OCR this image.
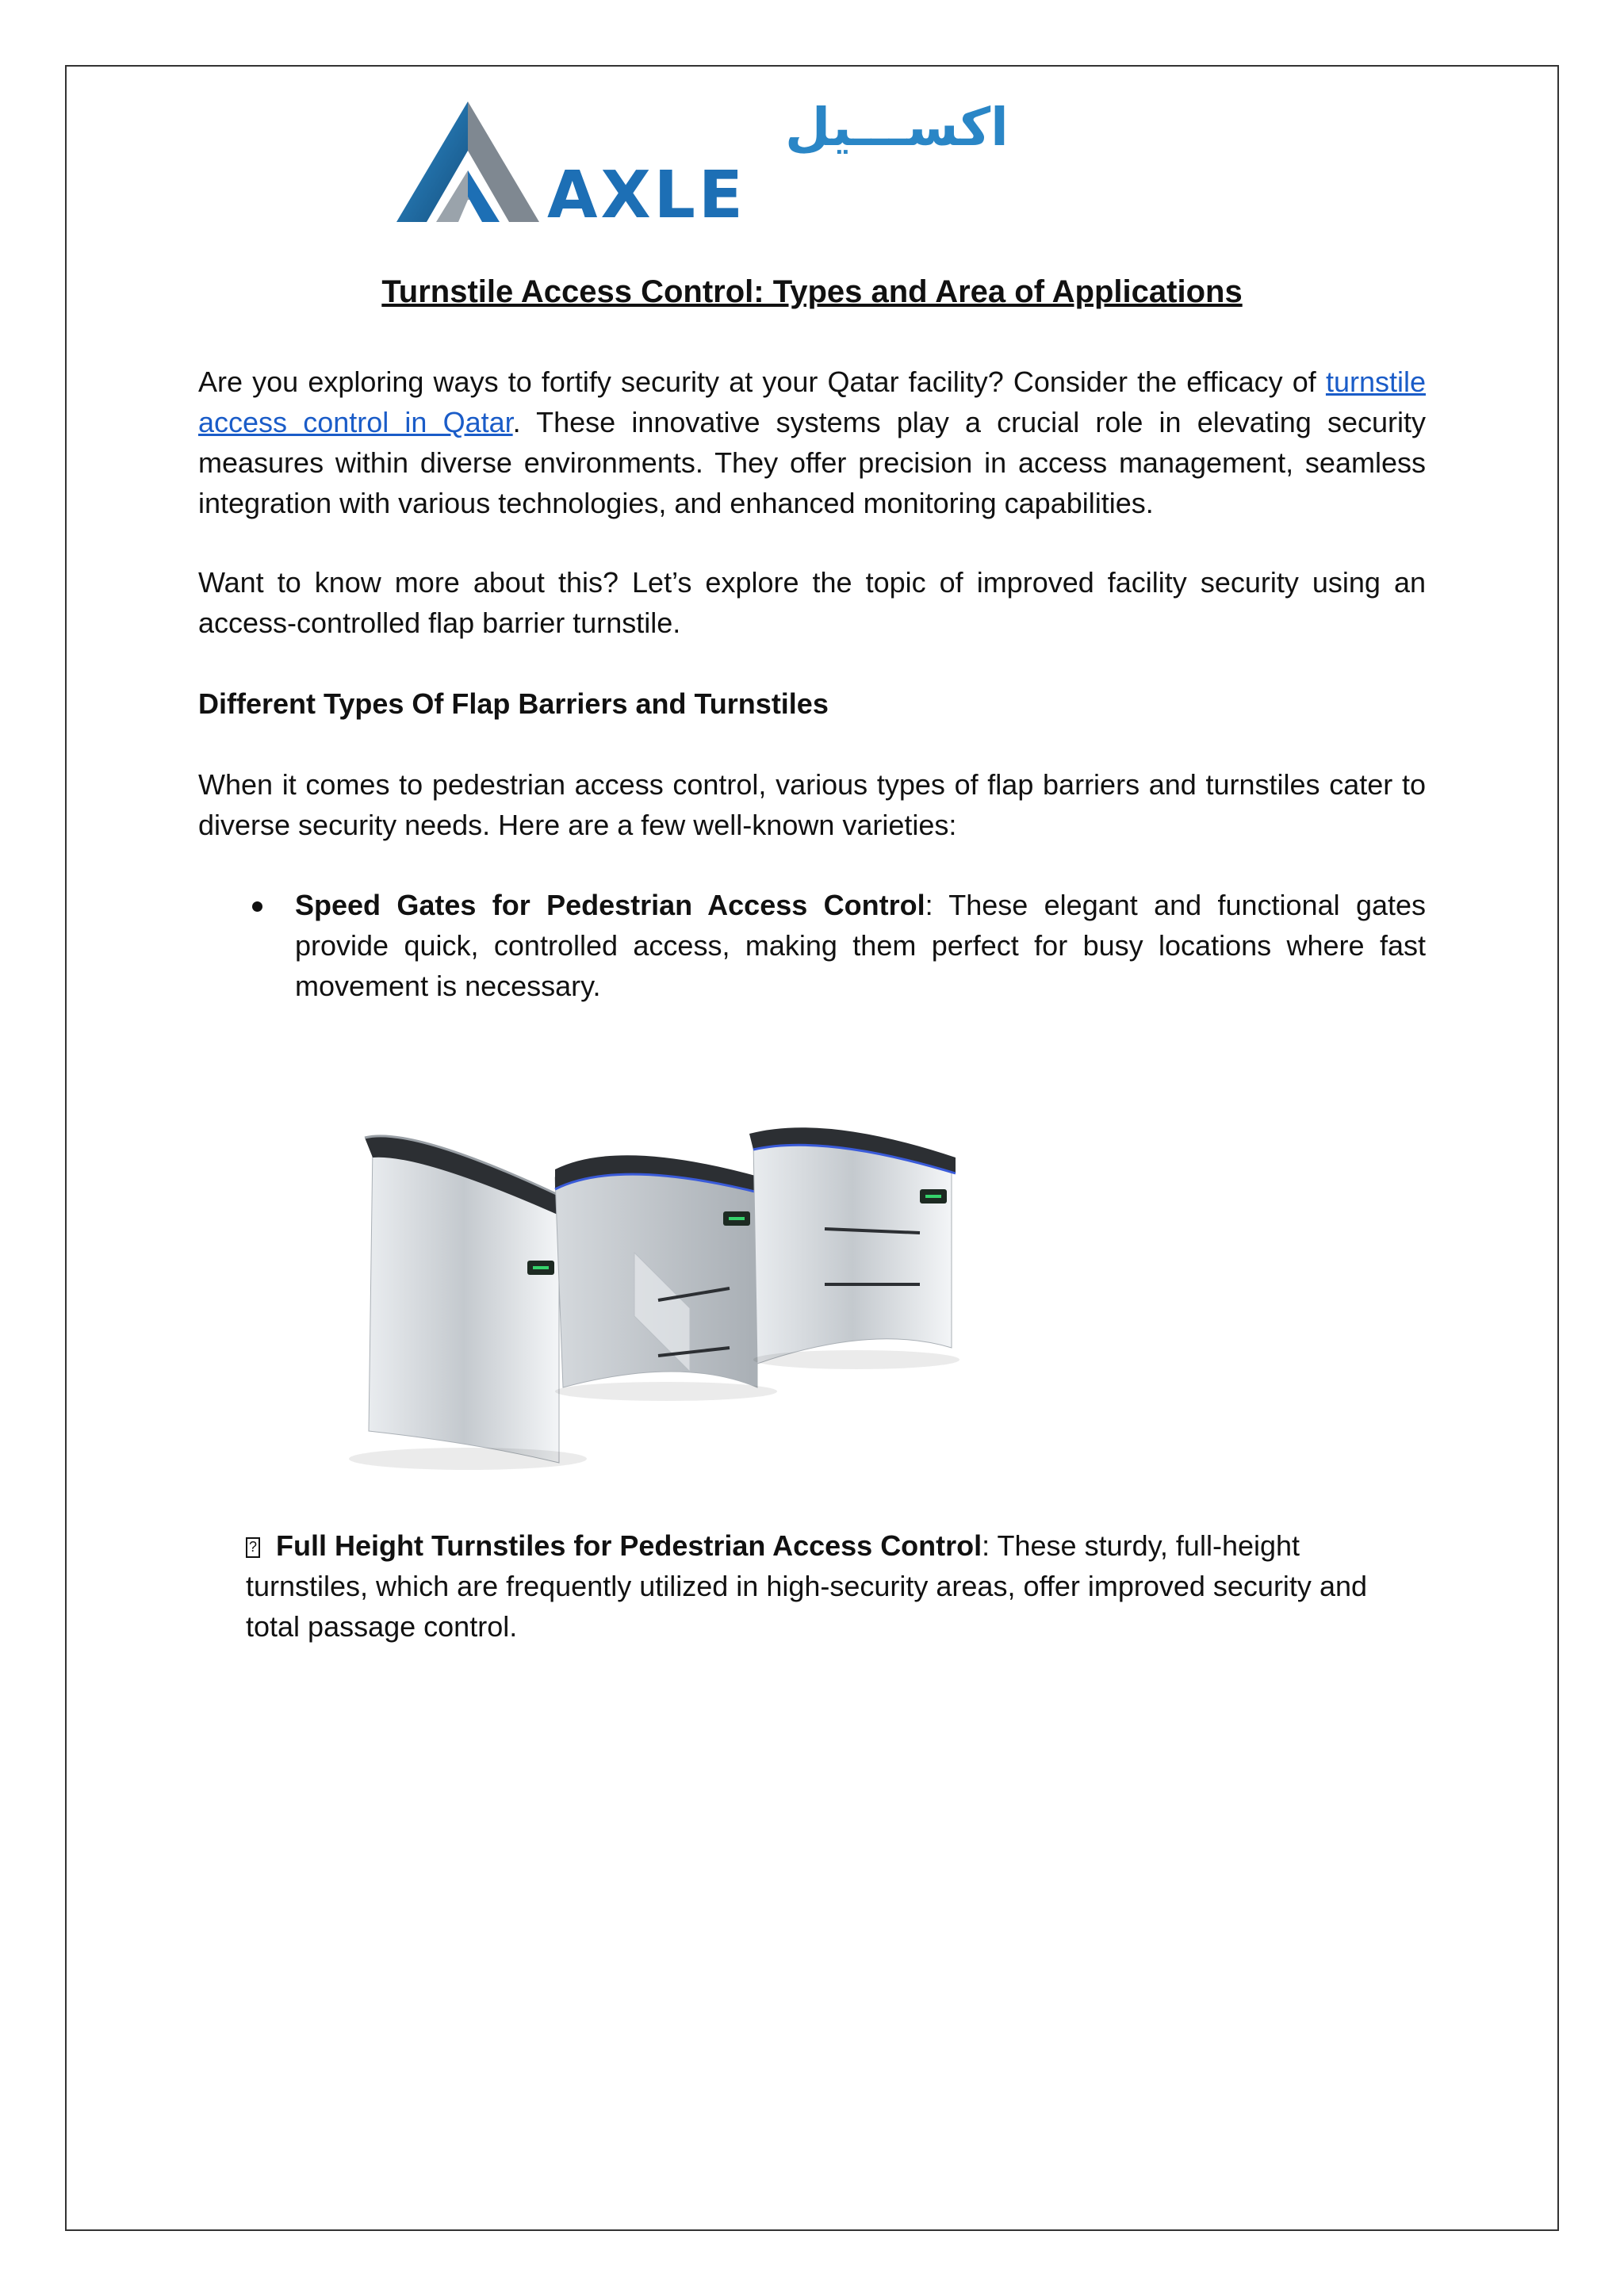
AXLE
اكســـيل
Turnstile Access Control: Types and Area of Applications

Are you exploring ways to fortify security at your Qatar facility? Consider the efficacy of turnstile access control in Qatar. These innovative systems play a crucial role in elevating security measures within diverse environments. They offer precision in access management, seamless integration with various technologies, and enhanced monitoring capabilities.

Want to know more about this? Let’s explore the topic of improved facility security using an access-controlled flap barrier turnstile.

Different Types Of Flap Barriers and Turnstiles

When it comes to pedestrian access control, various types of flap barriers and turnstiles cater to diverse security needs. Here are a few well-known varieties:

Speed Gates for Pedestrian Access Control: These elegant and functional gates provide quick, controlled access, making them perfect for busy locations where fast movement is necessary.

?Full Height Turnstiles for Pedestrian Access Control: These sturdy, full-height turnstiles, which are frequently utilized in high-security areas, offer improved security and total passage control.
